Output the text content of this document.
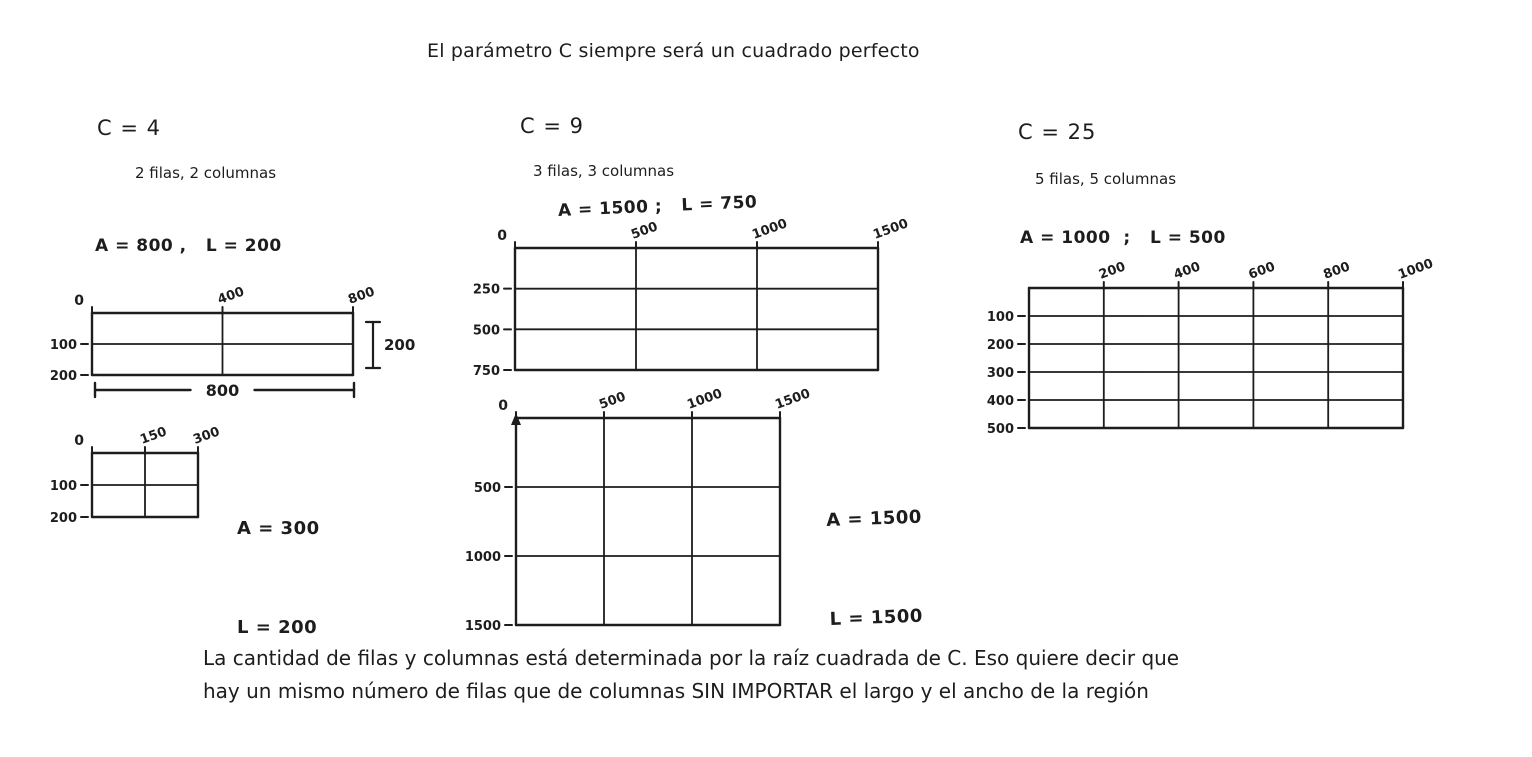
El parámetro C siempre será un cuadrado perfecto
C = 4
2 filas, 2 columnas
A = 800 ,   L = 200
0	400	800
100
200
200
800
0	150 300
100
200

	A = 300

L = 200

C = 9
3 filas, 3 columnas
A = 1500 ;   L = 750
0	500	1000	1500
250
500
750
0	500	1000	1500
500
1000
1500

A = 1500

L = 1500

C = 25
5 filas, 5 columnas
A = 1000  ;   L = 500
200	400	600	800	1000
100
200
300
400
500
La cantidad de filas y columnas está determinada por la raíz cuadrada de C. Eso quiere decir que
hay un mismo número de filas que de columnas SIN IMPORTAR el largo y el ancho de la región
